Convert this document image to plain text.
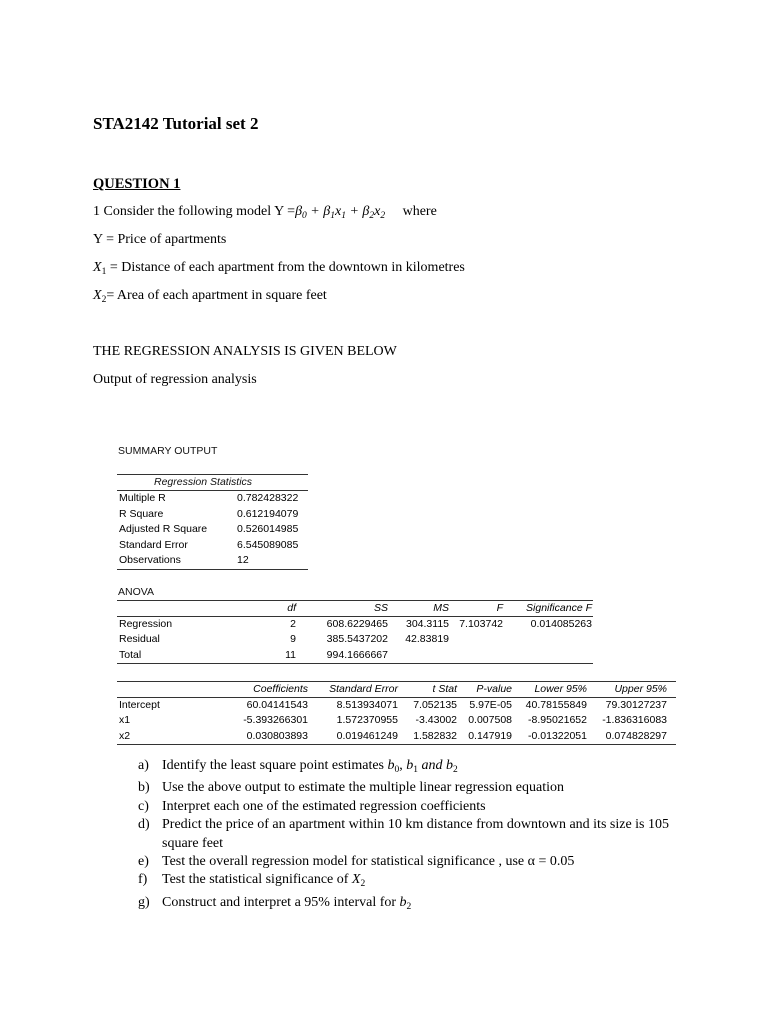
STA2142 Tutorial set 2
QUESTION 1
1 Consider the following model $Y =\beta_0 + \beta_1x_1 + \beta_2x_2$ where
Y = Price of apartments
$X_1$ = Distance of each apartment from the downtown in kilometres
$X_2=$ Area of each apartment in square feet
THE REGRESSION ANALYSIS IS GIVEN BELOW
Output of regression analysis
SUMMARY OUTPUT
Regression Statistics
Multiple R	0.782428322
R Square	0.612194079
Adjusted R Square	0.526014985
Standard Error	6.545089085
Observations	12
ANOVA
	df	SS	MS	F	Significance F
Regression	2	608.6229465	304.3115	7.103742	0.014085263
Residual	9	385.5437202	42.83819		
Total	11	994.1666667			
	Coefficients	Standard Error	t Stat	P-value	Lower 95%	Upper 95%
Intercept	60.04141543	8.513934071	7.052135	5.97E-05	40.78155849	79.30127237
x1	-5.393266301	1.572370955	-3.43002	0.007508	-8.95021652	-1.836316083
x2	0.030803893	0.019461249	1.582832	0.147919	-0.01322051	0.074828297
a) Identify the least square point estimates $b_0$, $b_1$ and $b_2$
b) Use the above output to estimate the multiple linear regression equation
c) Interpret each one of the estimated regression coefficients
d) Predict the price of an apartment within 10 km distance from downtown and its size is 105 square feet
e) Test the overall regression model for statistical significance , use α = 0.05
f) Test the statistical significance of $X_2$
g) Construct and interpret a 95% interval for $b_2$
